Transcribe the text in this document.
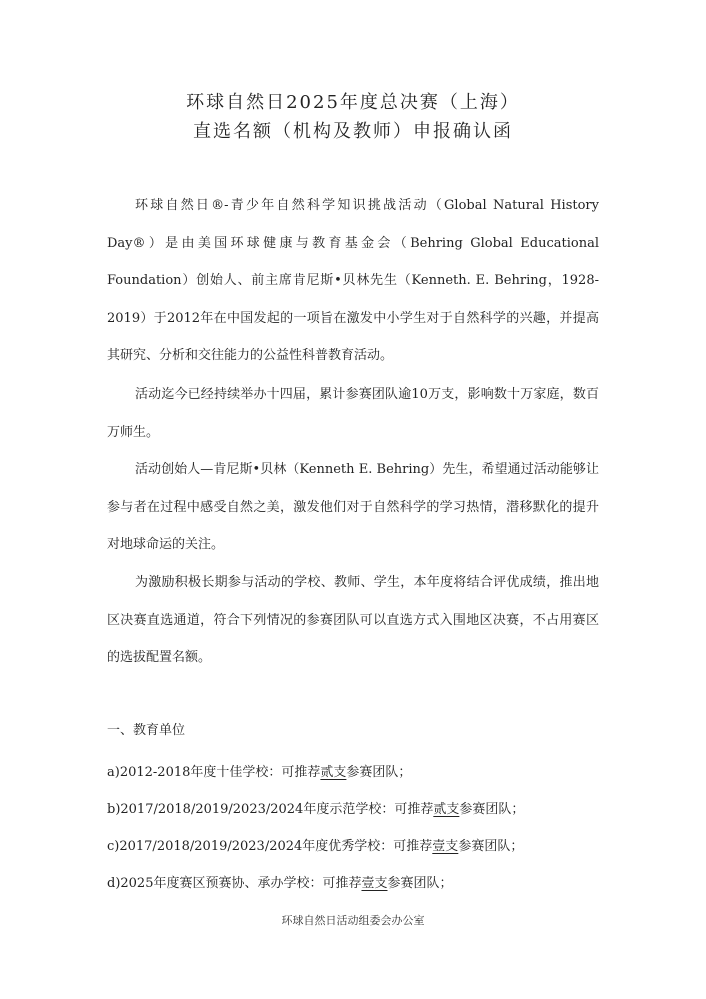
环球自然日2025年度总决赛（上海）
直选名额（机构及教师）申报确认函

环球自然日®-青少年自然科学知识挑战活动（Global Natural History Day®）是由美国环球健康与教育基金会（Behring Global Educational Foundation）创始人、前主席肯尼斯•贝林先生（Kenneth. E. Behring，1928-2019）于2012年在中国发起的一项旨在激发中小学生对于自然科学的兴趣，并提高其研究、分析和交往能力的公益性科普教育活动。

活动迄今已经持续举办十四届，累计参赛团队逾10万支，影响数十万家庭，数百万师生。

活动创始人—肯尼斯•贝林（Kenneth E. Behring）先生，希望通过活动能够让参与者在过程中感受自然之美，激发他们对于自然科学的学习热情，潜移默化的提升对地球命运的关注。

为激励积极长期参与活动的学校、教师、学生，本年度将结合评优成绩，推出地区决赛直选通道，符合下列情况的参赛团队可以直选方式入围地区决赛，不占用赛区的选拔配置名额。

一、教育单位
a)2012-2018年度十佳学校：可推荐贰支参赛团队；
b)2017/2018/2019/2023/2024年度示范学校：可推荐贰支参赛团队；
c)2017/2018/2019/2023/2024年度优秀学校：可推荐壹支参赛团队；
d)2025年度赛区预赛协、承办学校：可推荐壹支参赛团队；
环球自然日活动组委会办公室
